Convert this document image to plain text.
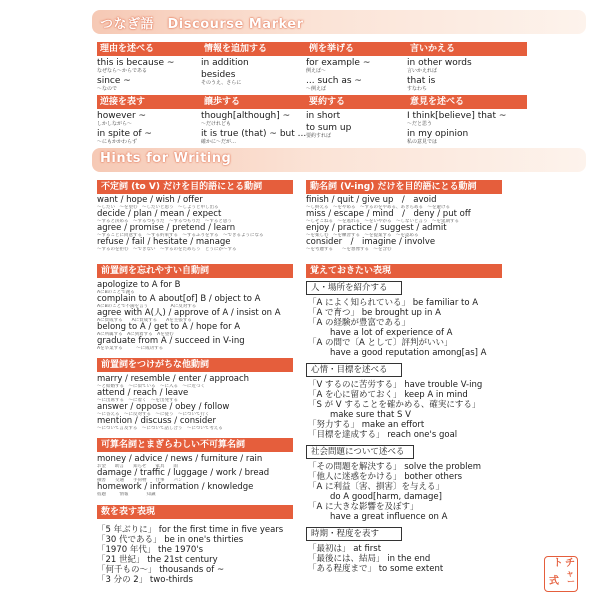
つなぎ語　Discourse Marker
理由を述べる
this is because ~
なぜなら～からである
since ~
～なので
情報を追加する
in addition
besides
そのうえ、さらに
例を挙げる
for example ~
例えば～
... such as ~
～例えば
言いかえる
in other words
言いかえれば
that is
すなわち
逆接を表す
however ~
しかしながら～
in spite of ~
～にもかかわらず
譲歩する
though[although] ~
～だけれども
it is true (that) ~ but ...
確かに～だが…
要約する
in short
to sum up
要約すれば
意見を述べる
I think[believe] that ~
～だと思う
in my opinion
私の意見では
Hints for Writing
不定詞 (to V) だけを目的語にとる動詞
want / hope / wish / offer
～したい　～を望む　～したいと思う　～しようと申し出る
decide / plan / mean / expect
～すると決める　～するつもりだ　～するつもりだ　～すると思う
agree / promise / pretend / learn
～することに同意する　～する約束する　～するふりをする　～できるようになる
refuse / fail / hesitate / manage
～するのを拒む　～できない　～するのをためらう　どうにか～する
前置詞を忘れやすい自動詞
apologize to A for B
AにBのことで謝る
complain to A about[of] B / object to A
AにBのことで不満を言う　　　　　Aに反対する
agree with A(人) / approve of A / insist on A
Aに賛成する　　Aに賛成する　　Aを主張する
belong to A / get to A / hope for A
Aに所属する　Aに到着する　Aを望む
graduate from A / succeed in V-ing
Aを卒業する　　　～に成功する
前置詞をつけがちな他動詞
marry / resemble / enter / approach
～と結婚する　～に似ている　～に入る　～に近づく
attend / reach / leave
～に出席する　～に着く　～を出発する
answer / oppose / obey / follow
～に答える　～に反対する　～に従う　～について行く
mention / discuss / consider
～について言及する　～について話し合う　～について考える
可算名詞とまぎらわしい不可算名詞
money / advice / news / furniture / rain
お金　　助言　　知らせ　　家具　　雨
damage / traffic / luggage / work / bread
損害　　交通　　手荷物　　仕事　　パン
homework / information / knowledge
宿題　　　情報　　　　知識
数を表す表現
「5 年ぶりに」 for the first time in five years
「30 代である」 be in one's thirties
「1970 年代」 the 1970's
「21 世紀」 the 21st century
「何千もの～」 thousands of ~
「3 分の 2」 two-thirds
動名詞 (V-ing) だけを目的語にとる動詞
finish / quit / give up　/　avoid
～し終える　～をやめる　～するのをやめる、あきらめる　～を避ける
miss / escape / mind　/　deny / put off
～しそこねる　～を逃れる　～をいやがる　～しないと言う　～を延期する
enjoy / practice / suggest / admit
～を楽しむ　～を練習する　～を提案する　～を認める
consider　/　imagine / involve
～を考慮する　　～を想像する　～を含む
覚えておきたい表現
人・場所を紹介する
「A によく知られている」 be familiar to A
「A で育つ」 be brought up in A
「A の経験が豊富である」
have a lot of experience of A
「A の間で〔A として〕評判がいい」
have a good reputation among[as] A
心情・目標を述べる
「V するのに苦労する」 have trouble V-ing
「A を心に留めておく」 keep A in mind
「S が V することを確かめる、確実にする」
make sure that S V
「努力する」 make an effort
「目標を達成する」 reach one's goal
社会問題について述べる
「その問題を解決する」 solve the problem
「他人に迷惑をかける」 bother others
「A に利益〔害、損害〕を与える」
do A good[harm, damage]
「A に大きな影響を及ぼす」
have a great influence on A
時期・程度を表す
「最初は」 at first
「最後には、結局」 in the end
「ある程度まで」 to some extent	チ
ャ
ー
ト
式
